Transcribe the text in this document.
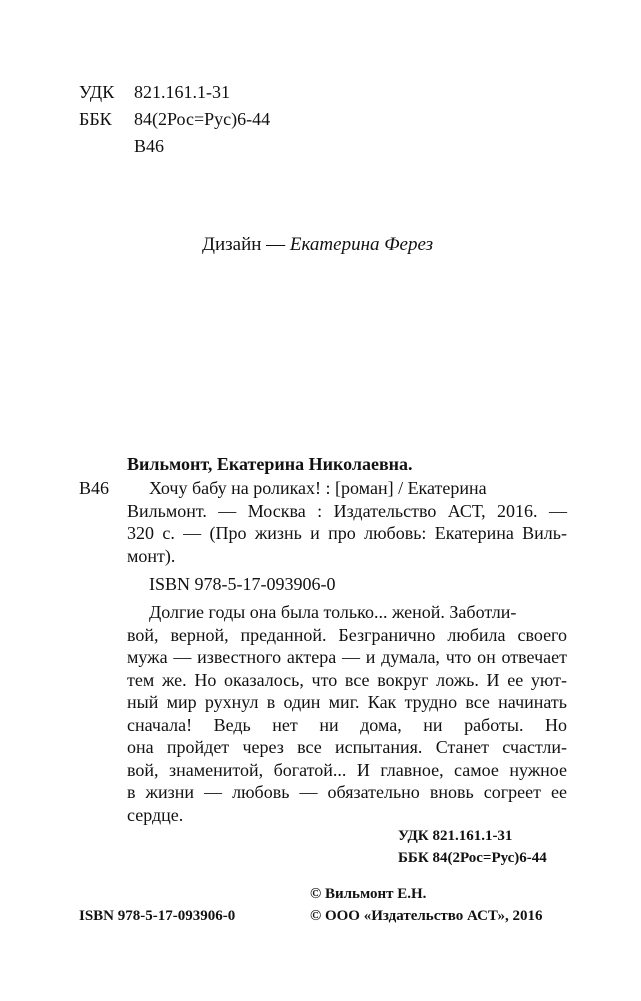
УДК 821.161.1-31
ББК 84(2Рос=Рус)6-44
В46
Дизайн — Екатерина Ферез
Вильмонт, Екатерина Николаевна.
В46 Хочу бабу на роликах! : [роман] / Екатерина
Вильмонт. — Москва : Издательство АСТ, 2016. —
320 с. — (Про жизнь и про любовь: Екатерина Виль-
монт).
ISBN 978-5-17-093906-0
Долгие годы она была только... женой. Заботли-
вой, верной, преданной. Безгранично любила своего
мужа — известного актера — и думала, что он отвечает
тем же. Но оказалось, что все вокруг ложь. И ее уют-
ный мир рухнул в один миг. Как трудно все начинать
сначала! Ведь нет ни дома, ни работы. Но
она пройдет через все испытания. Станет счастли-
вой, знаменитой, богатой... И главное, самое нужное
в жизни — любовь — обязательно вновь согреет ее
сердце.
УДК 821.161.1-31
ББК 84(2Рос=Рус)6-44
© Вильмонт Е.Н.
ISBN 978-5-17-093906-0	© ООО «Издательство АСТ», 2016
